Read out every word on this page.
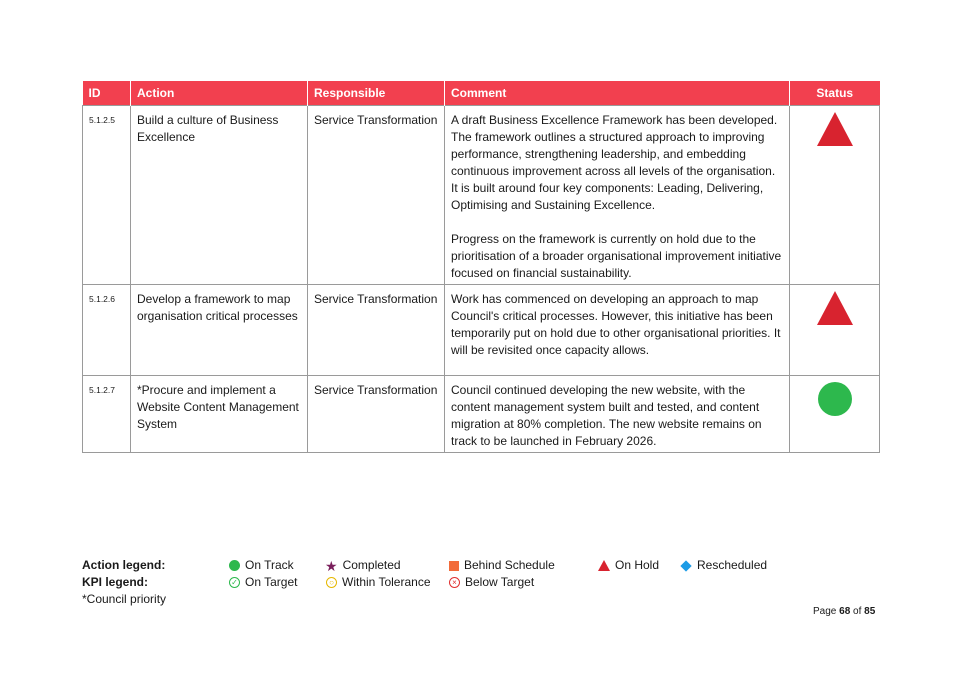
ID	Action	Responsible	Comment	Status
5.1.2.5	Build a culture of Business Excellence	Service Transformation	A draft Business Excellence Framework has been developed. The framework outlines a structured approach to improving performance, strengthening leadership, and embedding continuous improvement across all levels of the organisation. It is built around four key components: Leading, Delivering, Optimising and Sustaining Excellence.

Progress on the framework is currently on hold due to the prioritisation of a broader organisational improvement initiative focused on financial sustainability.	

5.1.2.6	Develop a framework to map organisation critical processes	Service Transformation	Work has commenced on developing an approach to map Council's critical processes. However, this initiative has been temporarily put on hold due to other organisational priorities. It will be revisited once capacity allows.	

5.1.2.7	*Procure and implement a Website Content Management System	Service Transformation	Council continued developing the new website, with the content management system built and tested, and content migration at 80% completion. The new website remains on track to be launched in February 2026.	

Action legend:	On Track ★ Completed	Behind Schedule	On Hold	Rescheduled
KPI legend:	✓ On Target	○ Within Tolerance	× Below Target
*Council priority
Page 68 of 85
